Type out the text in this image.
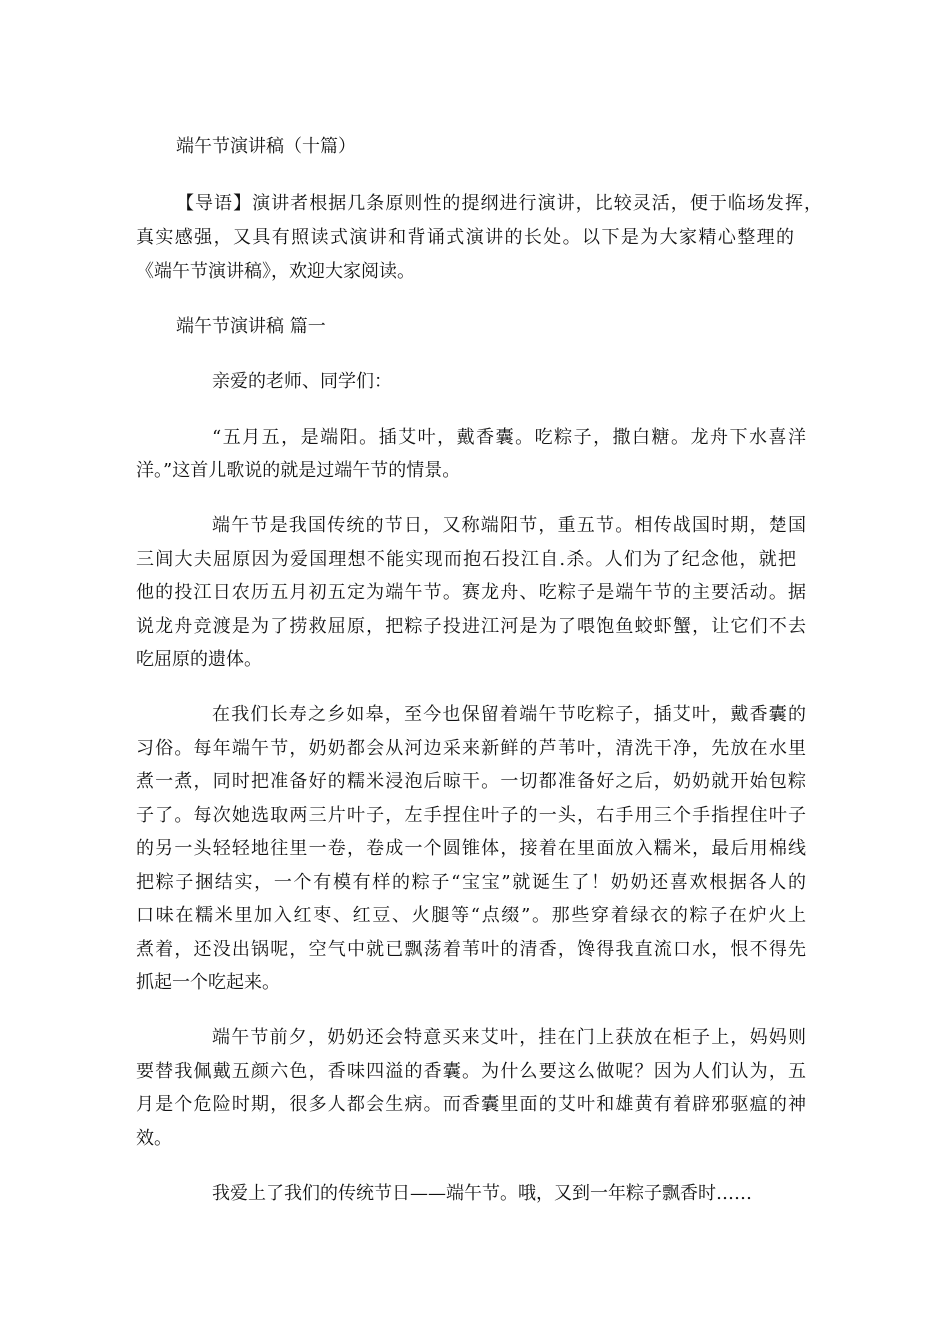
端午节演讲稿（十篇）

【导语】演讲者根据几条原则性的提纲进行演讲，比较灵活，便于临场发挥，

真实感强，又具有照读式演讲和背诵式演讲的长处。以下是为大家精心整理的

《端午节演讲稿》，欢迎大家阅读。

端午节演讲稿 篇一

亲爱的老师、同学们：

“五月五，是端阳。插艾叶，戴香囊。吃粽子，撒白糖。龙舟下水喜洋

洋。”这首儿歌说的就是过端午节的情景。

端午节是我国传统的节日，又称端阳节，重五节。相传战国时期，楚国

三闾大夫屈原因为爱国理想不能实现而抱石投江自.杀。人们为了纪念他，就把

他的投江日农历五月初五定为端午节。赛龙舟、吃粽子是端午节的主要活动。据

说龙舟竞渡是为了捞救屈原，把粽子投进江河是为了喂饱鱼蛟虾蟹，让它们不去

吃屈原的遗体。

在我们长寿之乡如皋，至今也保留着端午节吃粽子，插艾叶，戴香囊的

习俗。每年端午节，奶奶都会从河边采来新鲜的芦苇叶，清洗干净，先放在水里

煮一煮，同时把准备好的糯米浸泡后晾干。一切都准备好之后，奶奶就开始包粽

子了。每次她选取两三片叶子，左手捏住叶子的一头，右手用三个手指捏住叶子

的另一头轻轻地往里一卷，卷成一个圆锥体，接着在里面放入糯米，最后用棉线

把粽子捆结实，一个有模有样的粽子“宝宝”就诞生了！奶奶还喜欢根据各人的

口味在糯米里加入红枣、红豆、火腿等“点缀”。那些穿着绿衣的粽子在炉火上

煮着，还没出锅呢，空气中就已飘荡着苇叶的清香，馋得我直流口水，恨不得先

抓起一个吃起来。

端午节前夕，奶奶还会特意买来艾叶，挂在门上获放在柜子上，妈妈则

要替我佩戴五颜六色，香味四溢的香囊。为什么要这么做呢？因为人们认为，五

月是个危险时期，很多人都会生病。而香囊里面的艾叶和雄黄有着辟邪驱瘟的神

效。

我爱上了我们的传统节日——端午节。哦，又到一年粽子飘香时……
